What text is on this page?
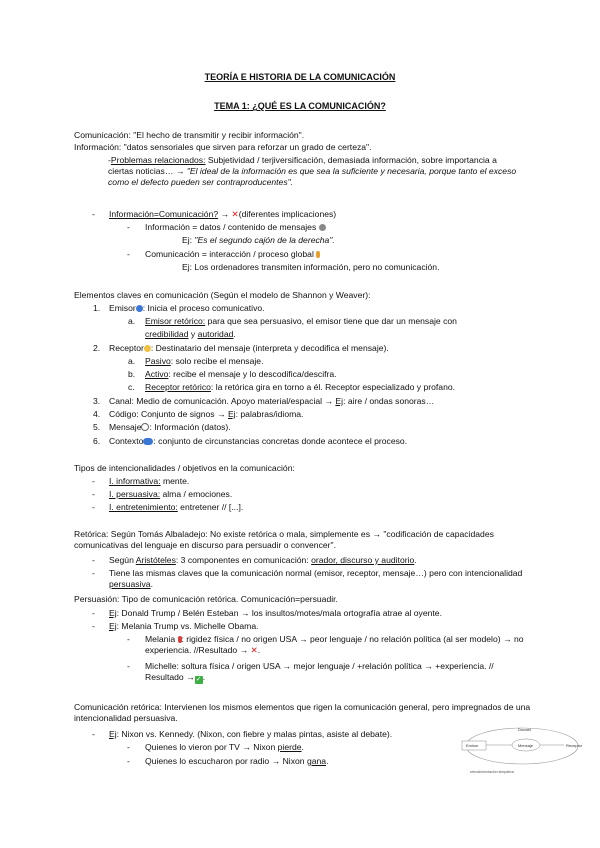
TEORÍA E HISTORIA DE LA COMUNICACIÓN
TEMA 1: ¿QUÉ ES LA COMUNICACIÓN?
Comunicación: "El hecho de transmitir y recibir información".
Información: "datos sensoriales que sirven para reforzar un grado de certeza".
-Problemas relacionados: Subjetividad / terjiversificación, demasiada información, sobre importancia a ciertas noticias… → "El ideal de la información es que sea la suficiente y necesaria, porque tanto el exceso como el defecto pueden ser contraproducentes".
- Información=Comunicación? → ✕(diferentes implicaciones)
- Información = datos / contenido de mensajes
Ej: "Es el segundo cajón de la derecha".
- Comunicación = interacción / proceso global
Ej: Los ordenadores transmiten información, pero no comunicación.
Elementos claves en comunicación (Según el modelo de Shannon y Weaver):
1. Emisor : Inicia el proceso comunicativo.
a. Emisor retórico: para que sea persuasivo, el emisor tiene que dar un mensaje con
credibilidad y autoridad.
2. Receptor : Destinatario del mensaje (interpreta y decodifica el mensaje).
a. Pasivo: solo recibe el mensaje.
b. Activo: recibe el mensaje y lo descodifica/descifra.
c. Receptor retórico: la retórica gira en torno a él. Receptor especializado y profano.
3. Canal: Medio de comunicación. Apoyo material/espacial → Ej: aire / ondas sonoras…
4. Código: Conjunto de signos → Ej: palabras/idioma.
5. Mensaje : Información (datos).
6. Contexto : conjunto de circunstancias concretas donde acontece el proceso.
Tipos de intencionalidades / objetivos en la comunicación:
- I. informativa: mente.
- I. persuasiva: alma / emociones.
- I. entretenimiento: entretener // [...].
Retórica: Según Tomás Albaladejo: No existe retórica o mala, simplemente es → "codificación de capacidades comunicativas del lenguaje en discurso para persuadir o convencer".
- Según Aristóteles: 3 componentes en comunicación: orador, discurso y auditorio.
- Tiene las mismas claves que la comunicación normal (emisor, receptor, mensaje…) pero con intencionalidad persuasiva.
Persuasión: Tipo de comunicación retórica. Comunicación=persuadir.
- Ej: Donald Trump / Belén Esteban → los insultos/motes/mala ortografía atrae al oyente.
- Ej: Melania Trump vs. Michelle Obama.
- Melania : rigidez física / no origen USA → peor lenguaje / no relación política (al ser modelo) → no experiencia. //Resultado → ✕.
- Michelle: soltura física / origen USA → mejor lenguaje / +relación política → +experiencia. // Resultado →✓.
Comunicación retórica: Intervienen los mismos elementos que rigen la comunicación general, pero impregnados de una intencionalidad persuasiva.
- Ej: Nixon vs. Kennedy. (Nixon, con fiebre y malas pintas, asiste al debate).
- Quienes lo vieron por TV → Nixon pierde.
- Quienes lo escucharon por radio → Nixon gana.
Donald
Emisor	Mensaje	Receptor
retroalimentación simpática
